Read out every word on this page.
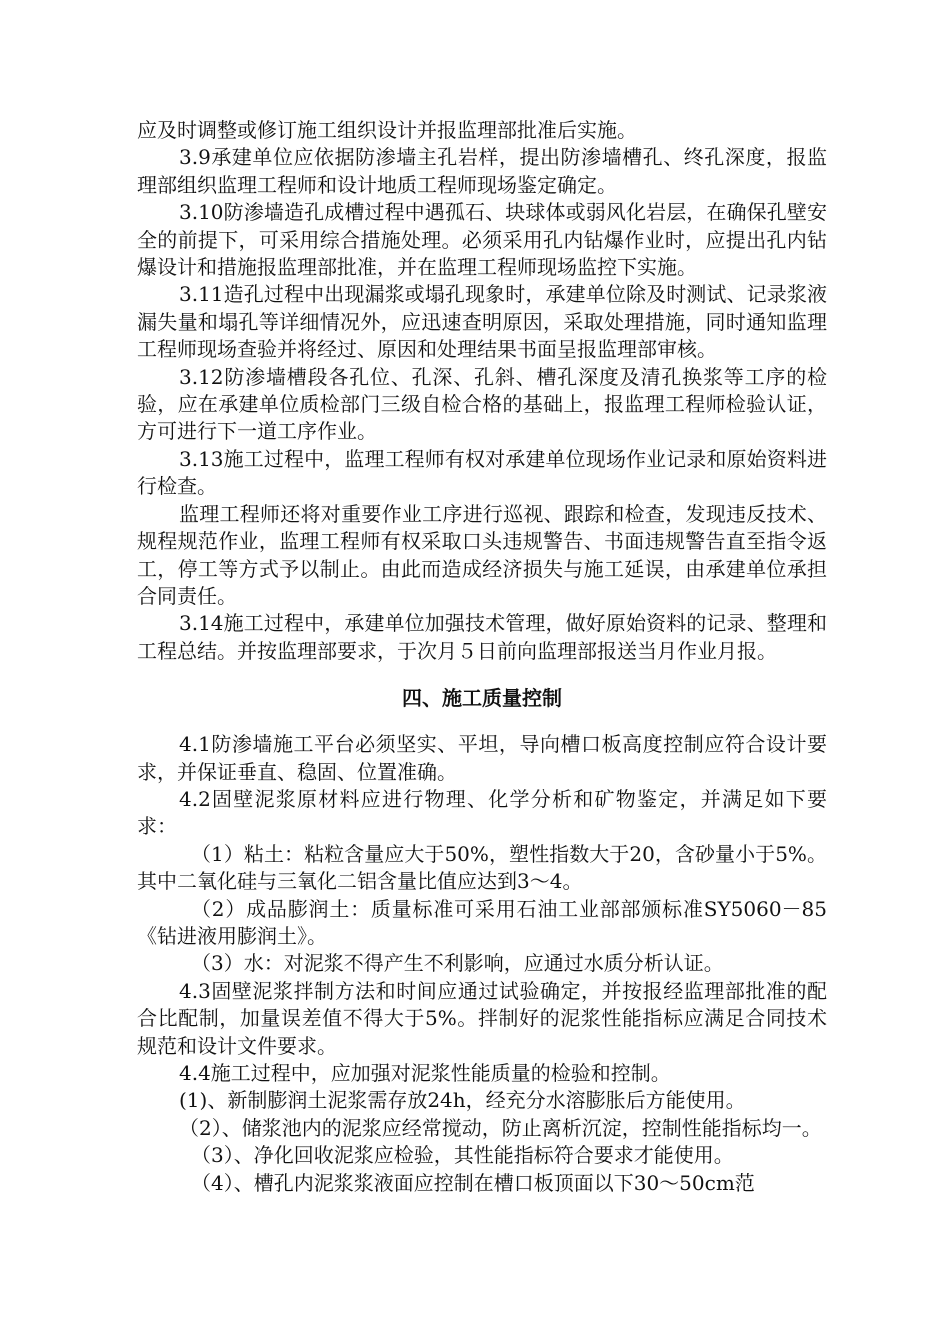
应及时调整或修订施工组织设计并报监理部批准后实施。

3.9承建单位应依据防渗墙主孔岩样，提出防渗墙槽孔、终孔深度，报监理部组织监理工程师和设计地质工程师现场鉴定确定。

3.10防渗墙造孔成槽过程中遇孤石、块球体或弱风化岩层，在确保孔壁安全的前提下，可采用综合措施处理。必须采用孔内钻爆作业时，应提出孔内钻爆设计和措施报监理部批准，并在监理工程师现场监控下实施。

3.11造孔过程中出现漏浆或塌孔现象时，承建单位除及时测试、记录浆液漏失量和塌孔等详细情况外，应迅速查明原因，采取处理措施，同时通知监理工程师现场查验并将经过、原因和处理结果书面呈报监理部审核。

3.12防渗墙槽段各孔位、孔深、孔斜、槽孔深度及清孔换浆等工序的检验，应在承建单位质检部门三级自检合格的基础上，报监理工程师检验认证，方可进行下一道工序作业。

3.13施工过程中，监理工程师有权对承建单位现场作业记录和原始资料进行检查。

监理工程师还将对重要作业工序进行巡视、跟踪和检查，发现违反技术、规程规范作业，监理工程师有权采取口头违规警告、书面违规警告直至指令返工，停工等方式予以制止。由此而造成经济损失与施工延误，由承建单位承担合同责任。

3.14施工过程中，承建单位加强技术管理，做好原始资料的记录、整理和工程总结。并按监理部要求，于次月５日前向监理部报送当月作业月报。

四、施工质量控制

4.1防渗墙施工平台必须坚实、平坦，导向槽口板高度控制应符合设计要求，并保证垂直、稳固、位置准确。

4.2固壁泥浆原材料应进行物理、化学分析和矿物鉴定，并满足如下要求：

（1）粘土：粘粒含量应大于50%，塑性指数大于20，含砂量小于5%。其中二氧化硅与三氧化二铝含量比值应达到3～4。

（2）成品膨润土：质量标准可采用石油工业部部颁标准SY5060－85《钻进液用膨润土》。

（3）水：对泥浆不得产生不利影响，应通过水质分析认证。

4.3固壁泥浆拌制方法和时间应通过试验确定，并按报经监理部批准的配合比配制，加量误差值不得大于5%。拌制好的泥浆性能指标应满足合同技术规范和设计文件要求。

4.4施工过程中，应加强对泥浆性能质量的检验和控制。

(1)、新制膨润土泥浆需存放24h，经充分水溶膨胀后方能使用。

（2）、储浆池内的泥浆应经常搅动，防止离析沉淀，控制性能指标均一。

（3）、净化回收泥浆应检验，其性能指标符合要求才能使用。

（4）、槽孔内泥浆浆液面应控制在槽口板顶面以下30～50cm范
